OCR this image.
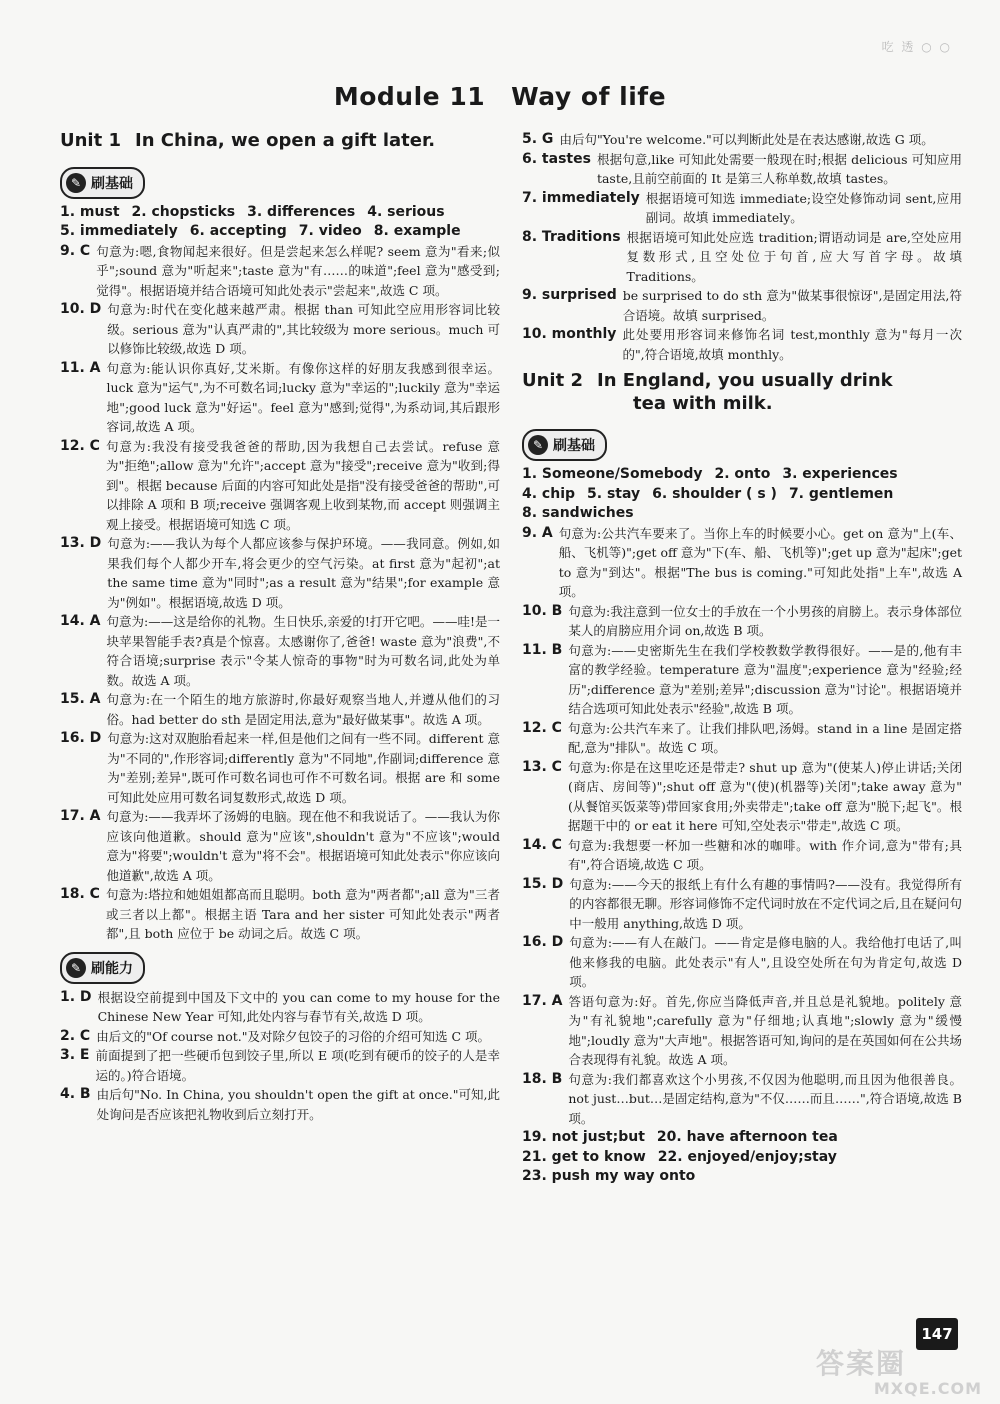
吃 透 ○ ○
Module 11 Way of life
Unit 1 In China, we open a gift later.
✎ 刷基础
1. must 2. chopsticks 3. differences 4. serious
5. immediately 6. accepting 7. video 8. example
9. C 句意为:嗯,食物闻起来很好。但是尝起来怎么样呢? seem 意为"看来;似乎";sound 意为"听起来";taste 意为"有……的味道";feel 意为"感受到;觉得"。根据语境并结合语境可知此处表示"尝起来",故选 C 项。
10. D 句意为:时代在变化越来越严肃。根据 than 可知此空应用形容词比较级。serious 意为"认真严肃的",其比较级为 more serious。much 可以修饰比较级,故选 D 项。
11. A 句意为:能认识你真好,艾米斯。有像你这样的好朋友我感到很幸运。luck 意为"运气",为不可数名词;lucky 意为"幸运的";luckily 意为"幸运地";good luck 意为"好运"。feel 意为"感到;觉得",为系动词,其后跟形容词,故选 A 项。
12. C 句意为:我没有接受我爸爸的帮助,因为我想自己去尝试。refuse 意为"拒绝";allow 意为"允许";accept 意为"接受";receive 意为"收到;得到"。根据 because 后面的内容可知此处是指"没有接受爸爸的帮助",可以排除 A 项和 B 项;receive 强调客观上收到某物,而 accept 则强调主观上接受。根据语境可知选 C 项。
13. D 句意为:——我认为每个人都应该参与保护环境。——我同意。例如,如果我们每个人都少开车,将会更少的空气污染。at first 意为"起初";at the same time 意为"同时";as a result 意为"结果";for example 意为"例如"。根据语境,故选 D 项。
14. A 句意为:——这是给你的礼物。生日快乐,亲爱的!打开它吧。——哇!是一块苹果智能手表?真是个惊喜。太感谢你了,爸爸! waste 意为"浪费",不符合语境;surprise 表示"令某人惊奇的事物"时为可数名词,此处为单数。故选 A 项。
15. A 句意为:在一个陌生的地方旅游时,你最好观察当地人,并遵从他们的习俗。had better do sth 是固定用法,意为"最好做某事"。故选 A 项。
16. D 句意为:这对双胞胎看起来一样,但是他们之间有一些不同。different 意为"不同的",作形容词;differently 意为"不同地",作副词;difference 意为"差别;差异",既可作可数名词也可作不可数名词。根据 are 和 some 可知此处应用可数名词复数形式,故选 D 项。
17. A 句意为:——我弄坏了汤姆的电脑。现在他不和我说话了。——我认为你应该向他道歉。should 意为"应该",shouldn't 意为"不应该";would 意为"将要";wouldn't 意为"将不会"。根据语境可知此处表示"你应该向他道歉",故选 A 项。
18. C 句意为:塔拉和她姐姐都高而且聪明。both 意为"两者都";all 意为"三者或三者以上都"。根据主语 Tara and her sister 可知此处表示"两者都",且 both 应位于 be 动词之后。故选 C 项。
✎ 刷能力
1. D 根据设空前提到中国及下文中的 you can come to my house for the Chinese New Year 可知,此处内容与春节有关,故选 D 项。
2. C 由后文的"Of course not."及对除夕包饺子的习俗的介绍可知选 C 项。
3. E 前面提到了把一些硬币包到饺子里,所以 E 项(吃到有硬币的饺子的人是幸运的。)符合语境。
4. B 由后句"No. In China, you shouldn't open the gift at once."可知,此处询问是否应该把礼物收到后立刻打开。
5. G 由后句"You're welcome."可以判断此处是在表达感谢,故选 G 项。
6. tastes 根据句意,like 可知此处需要一般现在时;根据 delicious 可知应用 taste,且前空前面的 It 是第三人称单数,故填 tastes。
7. immediately 根据语境可知选 immediate;设空处修饰动词 sent,应用副词。故填 immediately。
8. Traditions 根据语境可知此处应选 tradition;谓语动词是 are,空处应用复数形式,且空处位于句首,应大写首字母。故填 Traditions。
9. surprised be surprised to do sth 意为"做某事很惊讶",是固定用法,符合语境。故填 surprised。
10. monthly 此处要用形容词来修饰名词 test,monthly 意为"每月一次的",符合语境,故填 monthly。
Unit 2 In England, you usually drink
tea with milk.
✎ 刷基础
1. Someone/Somebody 2. onto 3. experiences
4. chip 5. stay 6. shoulder ( s ) 7. gentlemen
8. sandwiches
9. A 句意为:公共汽车要来了。当你上车的时候要小心。get on 意为"上(车、船、飞机等)";get off 意为"下(车、船、飞机等)";get up 意为"起床";get to 意为"到达"。根据"The bus is coming."可知此处指"上车",故选 A 项。
10. B 句意为:我注意到一位女士的手放在一个小男孩的肩膀上。表示身体部位某人的肩膀应用介词 on,故选 B 项。
11. B 句意为:——史密斯先生在我们学校教数学教得很好。——是的,他有丰富的教学经验。temperature 意为"温度";experience 意为"经验;经历";difference 意为"差别;差异";discussion 意为"讨论"。根据语境并结合选项可知此处表示"经验",故选 B 项。
12. C 句意为:公共汽车来了。让我们排队吧,汤姆。stand in a line 是固定搭配,意为"排队"。故选 C 项。
13. C 句意为:你是在这里吃还是带走? shut up 意为"(使某人)停止讲话;关闭(商店、房间等)";shut off 意为"(使)(机器等)关闭";take away 意为"(从餐馆买饭菜等)带回家食用;外卖带走";take off 意为"脱下;起飞"。根据题干中的 or eat it here 可知,空处表示"带走",故选 C 项。
14. C 句意为:我想要一杯加一些糖和冰的咖啡。with 作介词,意为"带有;具有",符合语境,故选 C 项。
15. D 句意为:——今天的报纸上有什么有趣的事情吗?——没有。我觉得所有的内容都很无聊。形容词修饰不定代词时放在不定代词之后,且在疑问句中一般用 anything,故选 D 项。
16. D 句意为:——有人在敲门。——肯定是修电脑的人。我给他打电话了,叫他来修我的电脑。此处表示"有人",且设空处所在句为肯定句,故选 D 项。
17. A 答语句意为:好。首先,你应当降低声音,并且总是礼貌地。politely 意为"有礼貌地";carefully 意为"仔细地;认真地";slowly 意为"缓慢地";loudly 意为"大声地"。根据答语可知,询问的是在英国如何在公共场合表现得有礼貌。故选 A 项。
18. B 句意为:我们都喜欢这个小男孩,不仅因为他聪明,而且因为他很善良。not just…but…是固定结构,意为"不仅……而且……",符合语境,故选 B 项。
19. not just;but 20. have afternoon tea
21. get to know 22. enjoyed/enjoy;stay
23. push my way onto
答案圈
MXQE.COM
147
